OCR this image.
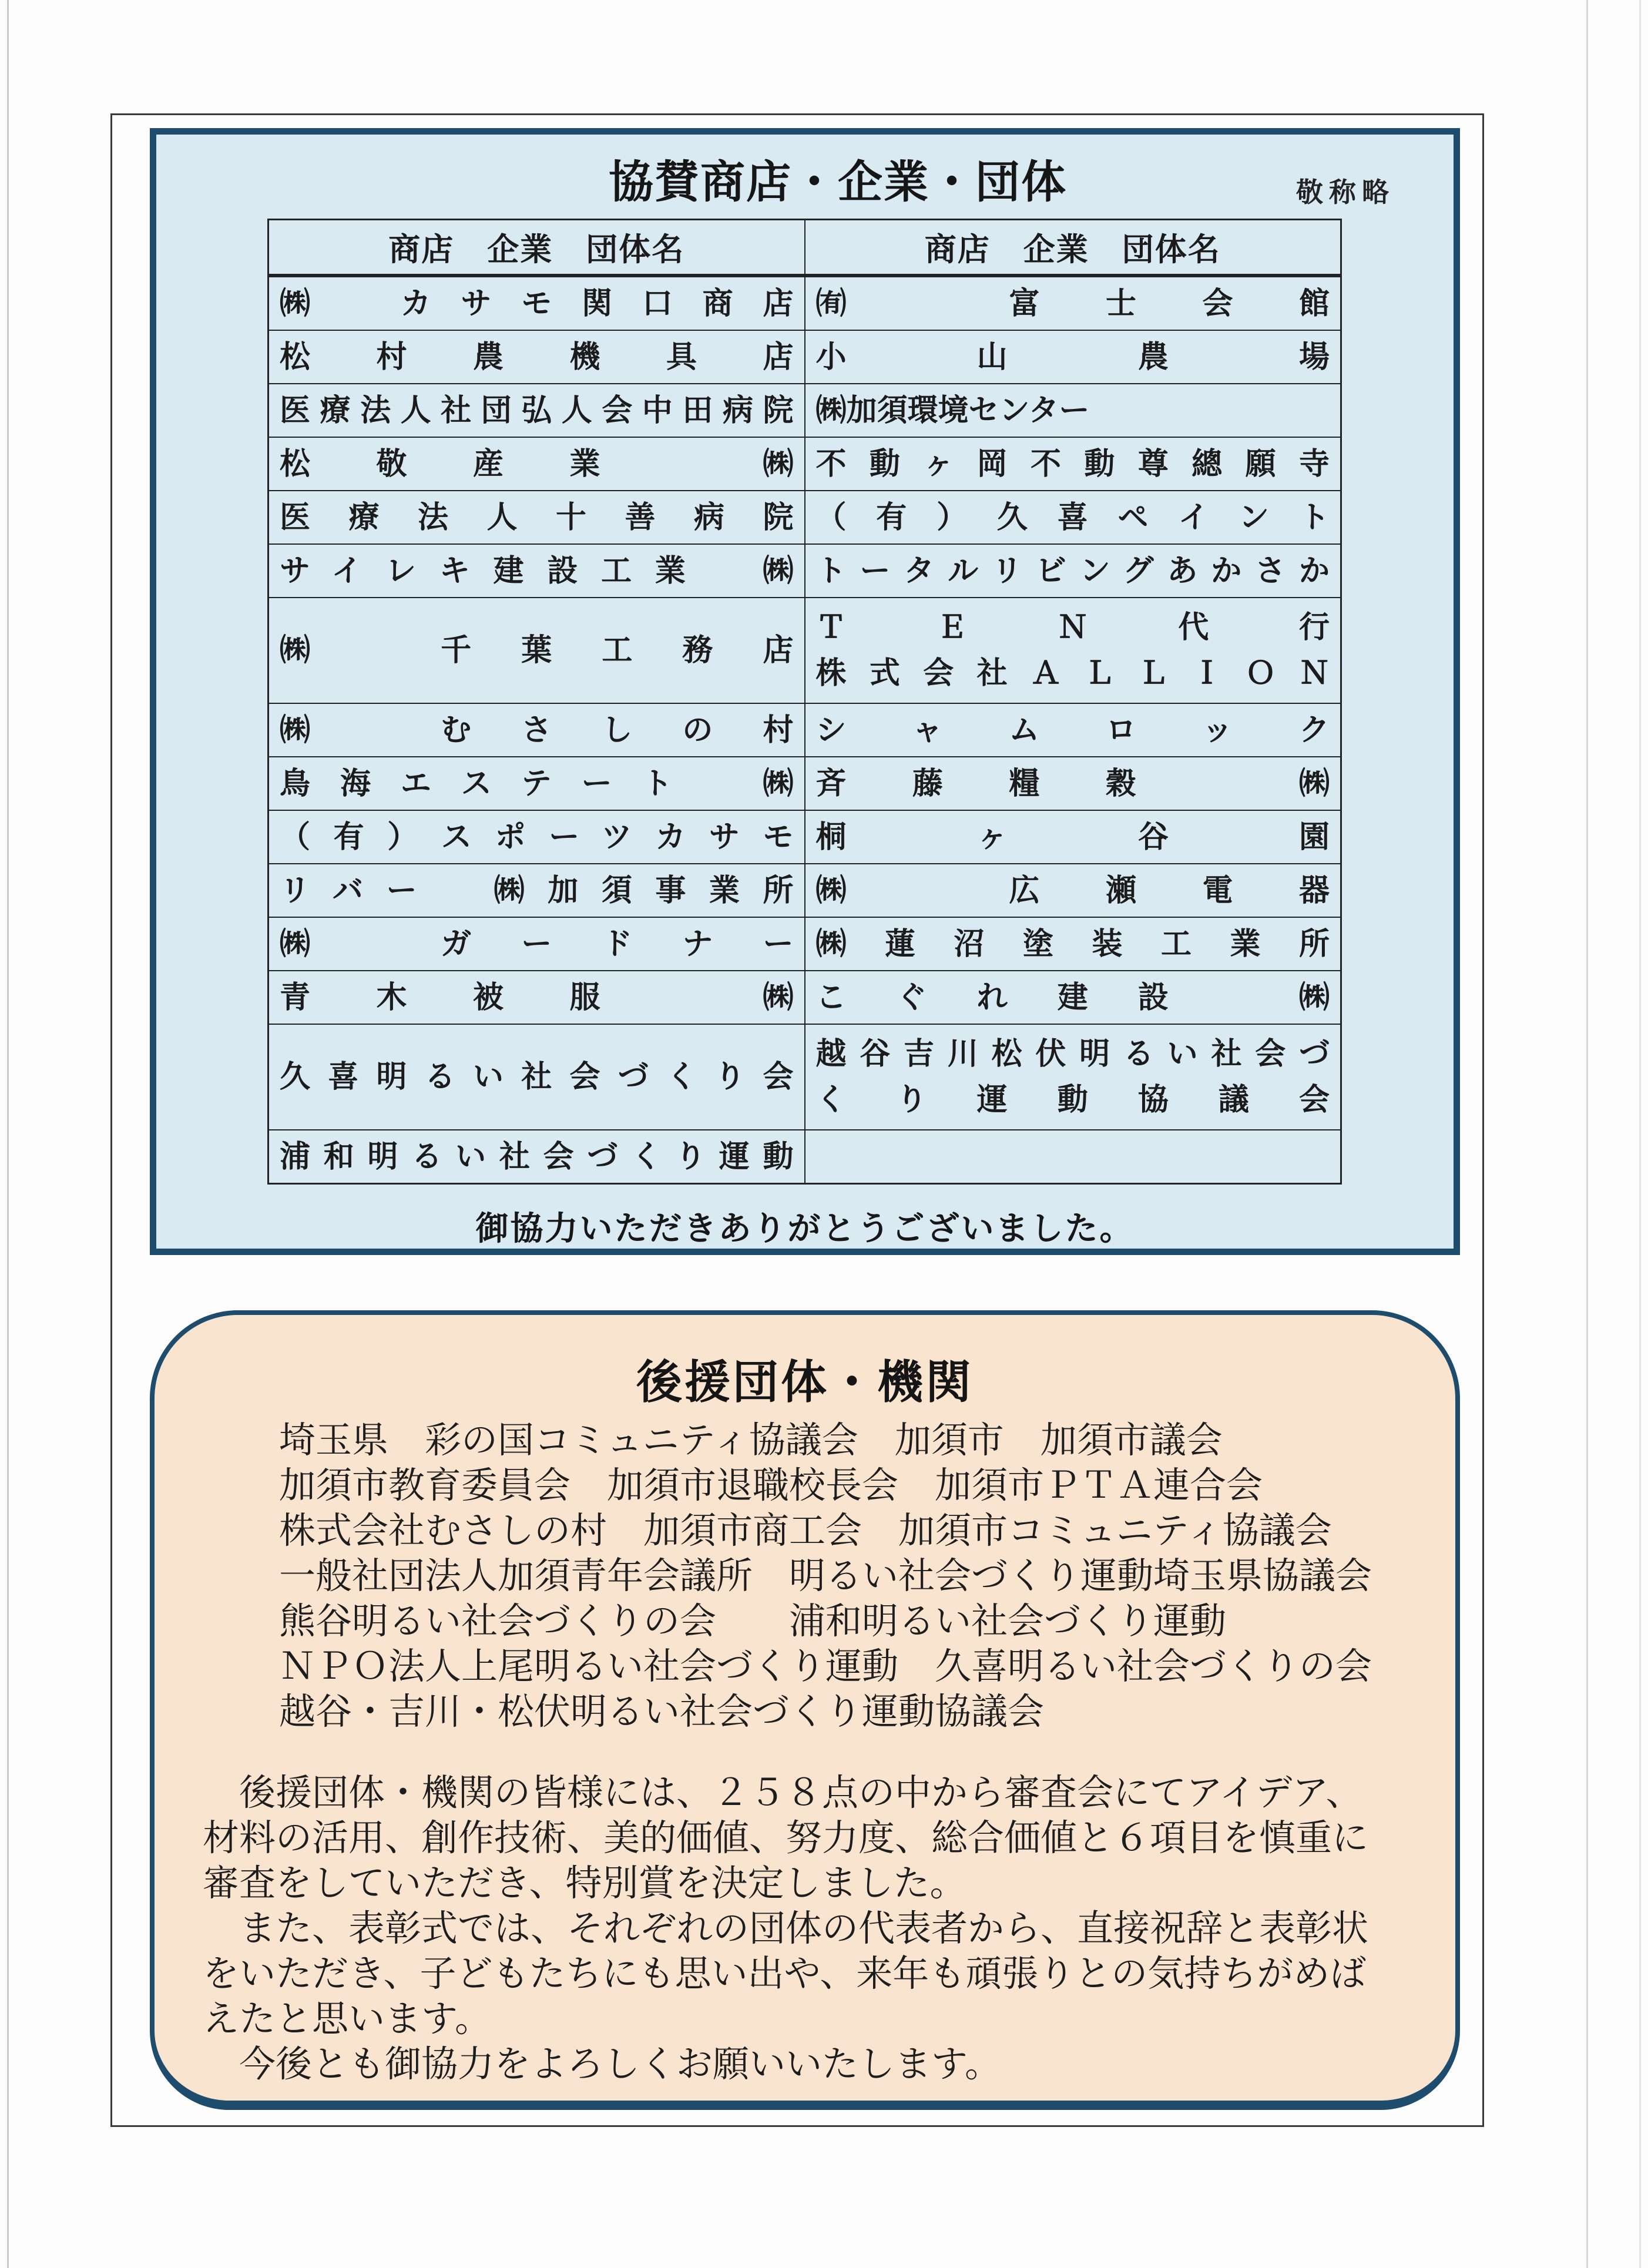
協賛商店・企業・団体	敬称略
商店　企業　団体名	商店　企業　団体名
㈱　カサモ関口商店	㈲　富士会館
松村農機具店	小山農場
医療法人社団弘人会中田病院	㈱加須環境センター
松敬産業　㈱	不動ヶ岡不動尊總願寺
医療法人十善病院	（有）久喜ペイント
サイレキ建設工業　㈱	トータルリビングあかさか
㈱　千葉工務店	ＴＥＮ代行
株式会社ＡＬＬＩＯＮ
㈱　むさしの村	シャムロック
鳥海エステート　㈱	斉藤糧穀　㈱
（有）スポーツカサモ	桐ヶ谷園
リバー　㈱加須事業所	㈱　広瀬電器
㈱　ガードナー	㈱蓮沼塗装工業所
青木被服　㈱	こぐれ建設　㈱
久喜明るい社会づくり会	越谷吉川松伏明るい社会づ
くり運動協議会
浦和明るい社会づくり運動	
御協力いただきありがとうございました。
後援団体・機関
埼玉県　彩の国コミュニティ協議会　加須市　加須市議会
加須市教育委員会　加須市退職校長会　加須市ＰＴＡ連合会
株式会社むさしの村　加須市商工会　加須市コミュニティ協議会
一般社団法人加須青年会議所　明るい社会づくり運動埼玉県協議会
熊谷明るい社会づくりの会　　浦和明るい社会づくり運動
ＮＰＯ法人上尾明るい社会づくり運動　久喜明るい社会づくりの会
越谷・吉川・松伏明るい社会づくり運動協議会
　後援団体・機関の皆様には、２５８点の中から審査会にてアイデア、
材料の活用、創作技術、美的価値、努力度、総合価値と６項目を慎重に
審査をしていただき、特別賞を決定しました。
　また、表彰式では、それぞれの団体の代表者から、直接祝辞と表彰状
をいただき、子どもたちにも思い出や、来年も頑張りとの気持ちがめば
えたと思います。
　今後とも御協力をよろしくお願いいたします。
